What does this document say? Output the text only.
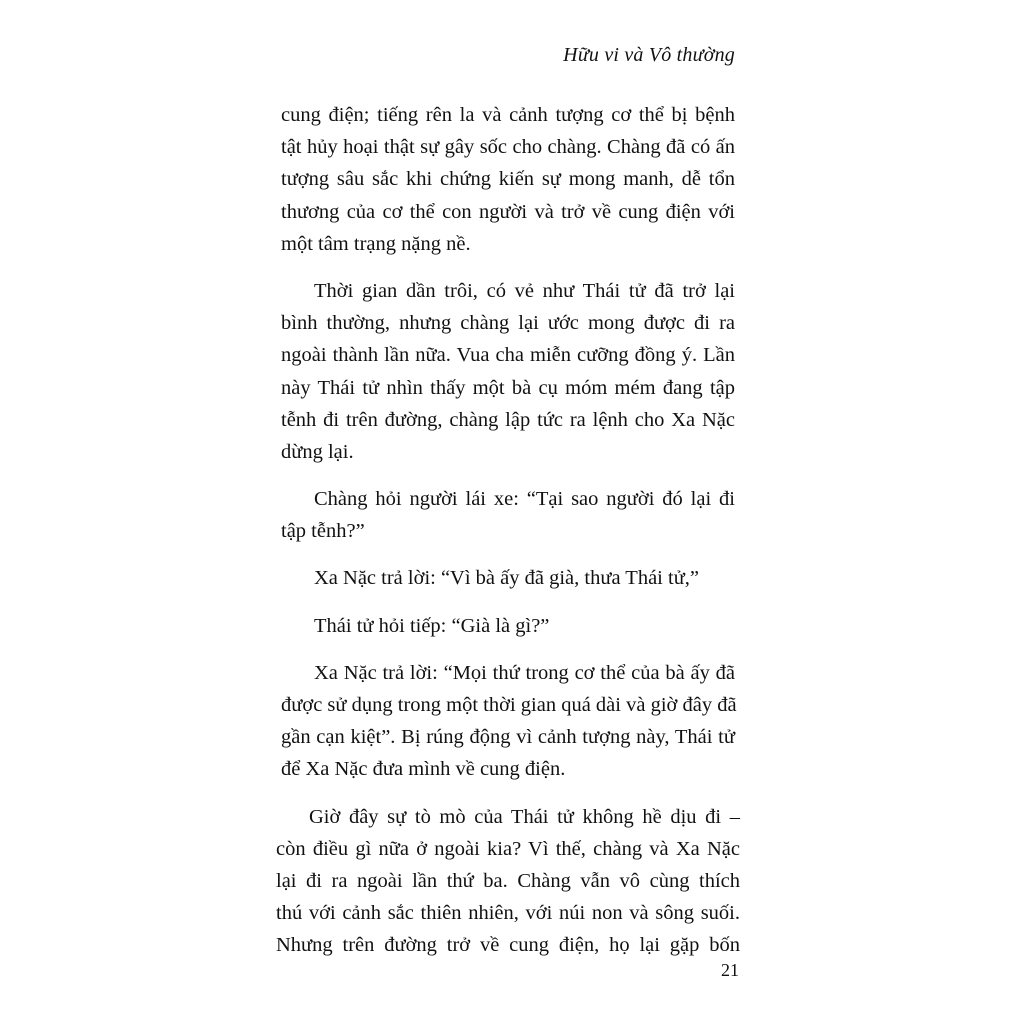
Hữu vi và Vô thường
cung điện; tiếng rên la và cảnh tượng cơ thể bị bệnh
tật hủy hoại thật sự gây sốc cho chàng. Chàng đã có ấn
tượng sâu sắc khi chứng kiến sự mong manh, dễ tổn
thương của cơ thể con người và trở về cung điện với
một tâm trạng nặng nề.
Thời gian dần trôi, có vẻ như Thái tử đã trở lại
bình thường, nhưng chàng lại ước mong được đi ra
ngoài thành lần nữa. Vua cha miễn cưỡng đồng ý. Lần
này Thái tử nhìn thấy một bà cụ móm mém đang tập
tễnh đi trên đường, chàng lập tức ra lệnh cho Xa Nặc
dừng lại.
Chàng hỏi người lái xe: “Tại sao người đó lại đi
tập tễnh?”
Xa Nặc trả lời: “Vì bà ấy đã già, thưa Thái tử,”
Thái tử hỏi tiếp: “Già là gì?”
Xa Nặc trả lời: “Mọi thứ trong cơ thể của bà ấy đã
được sử dụng trong một thời gian quá dài và giờ đây đã
gần cạn kiệt”. Bị rúng động vì cảnh tượng này, Thái tử
để Xa Nặc đưa mình về cung điện.
Giờ đây sự tò mò của Thái tử không hề dịu đi –
còn điều gì nữa ở ngoài kia? Vì thế, chàng và Xa Nặc
lại đi ra ngoài lần thứ ba. Chàng vẫn vô cùng thích
thú với cảnh sắc thiên nhiên, với núi non và sông suối.
Nhưng trên đường trở về cung điện, họ lại gặp bốn
21
